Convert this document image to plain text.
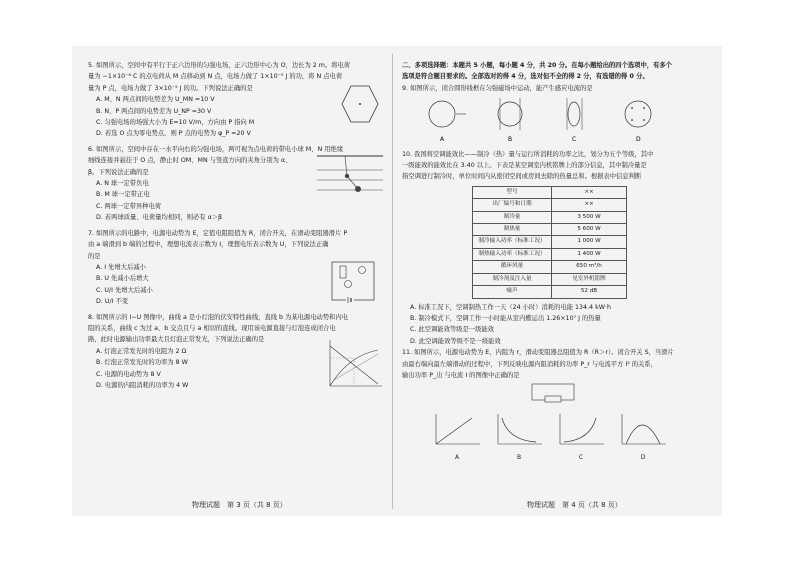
5. 如图所示，空间中有平行于正六边形的匀强电场，正六边形中心为 O，边长为 2 m。将电荷

量为 −1×10⁻⁶ C 的点电荷从 M 点移动到 N 点，电场力做了 1×10⁻⁵ J 的功，将 N 点电荷

量为 P 点，电场力做了 3×10⁻⁵ J 的功。下列说法正确的是

A. M、N 两点间的电势差为 U_MN =10 V

B. N、P 两点间的电势差为 U_NP =30 V

C. 匀强电场的场强大小为 E=10 V/m，方向由 P 指向 M

D. 若选 O 点为零电势点，则 P 点的电势为 φ_P =20 V

6. 如图所示，空间中存在一水平向右的匀强电场，两可视为点电荷的带电小球 M、N 用绝缘

细线连接并悬挂于 O 点，静止时 OM、MN 与竖直方向的夹角分别为 α、

β。下列说法正确的是

A. N 球一定带负电

B. M 球一定带正电

C. 两球一定带异种电荷

D. 若两球质量、电荷量均相同，则必有 α＞β

7. 如图所示的电路中，电源电动势为 E，定值电阻阻值为 R，闭合开关，在滑动变阻器滑片 P

由 a 端滑到 b 端的过程中，理想电流表示数为 I，理想电压表示数为 U，下列说法正确

的是

A. I 先增大后减小

B. U 先减小后增大

C. U/I 先增大后减小

D. U/I 不变

8. 如图所示的 I−U 图像中，曲线 a 是小灯泡的伏安特性曲线，直线 b 为某电源电动势和内电

阻的关系，曲线 c 为过 a、b 交点且与 a 相切的直线。现用该电源直接与灯泡连成闭合电

路，此时电源输出功率最大且灯泡正常发光，下列说法正确的是

A. 灯泡正常发光时的电阻为 2 Ω

B. 灯泡正常发光时的功率为 8 W

C. 电源的电动势为 8 V

D. 电源的内阻消耗的功率为 4 W

二、多项选择题：本题共 5 小题，每小题 4 分，共 20 分。在每小题给出的四个选项中，有多个

选项是符合题目要求的。全部选对的得 4 分，选对但不全的得 2 分，有选错的得 0 分。

9. 如图所示，闭合圆形线框在匀强磁场中运动，能产生感应电流的是

A	B	C	D

10. 我国将空调能效比——制冷（热）量与运行所消耗的功率之比，划分为五个等级，其中

一级能效的能效比在 3.40 以上。下表是某空调室内机铭牌上的部分信息，其中制冷量是

指空调进行制冷时，单位时间内从密闭空间或房间去除的热量总和。根据表中信息判断

型号	××
出厂编号和日期	××
制冷量	3 500 W
制热量	5 600 W
制冷输入功率（标准工况）	1 000 W
制热输入功率（标准工况）	1 400 W
循环风量	650 m³/h
制冷剂及注入量	见室外机铭牌
噪声	52 dB

A. 标准工况下，空调制热工作一天（24 小时）消耗的电能 134.4 kW·h

B. 制冷模式下，空调工作一小时能从室内搬运出 1.26×10⁷ J 的热量

C. 此空调能效等级是一级能效

D. 此空调能效等级不是一级能效

11. 如图所示，电源电动势为 E，内阻为 r，滑动变阻器总阻值为 R（R＞r）。闭合开关 S，当滑片

由最右端向最左端滑动的过程中，下列反映电源内阻消耗的功率 P_r 与电流平方 I² 的关系，

输出功率 P_出 与电流 I 的图像中正确的是

A	B	C	D
物理试题　第 3 页（共 8 页）	物理试题　第 4 页（共 8 页）
